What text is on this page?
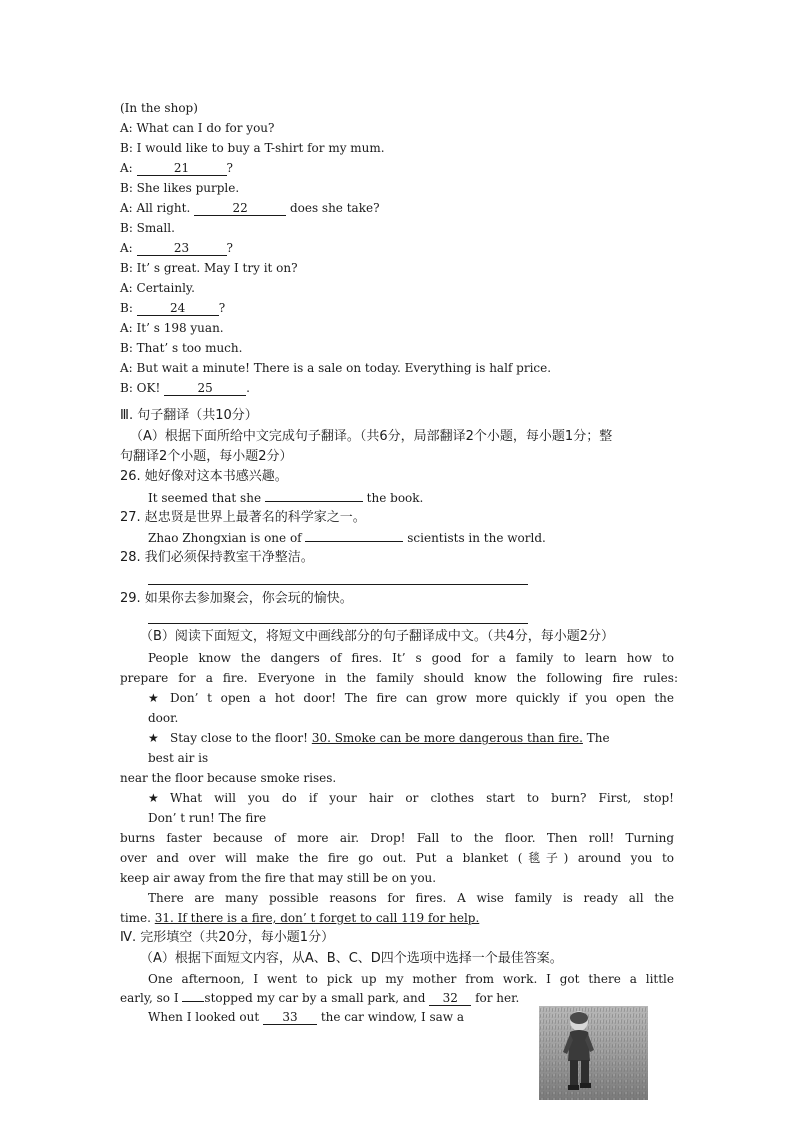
(In the shop)
A: What can I do for you?
B: I would like to buy a T-shirt for my mum.
A:	21	?
B: She likes purple.
A: All right.	22	does she take?
B: Small.
A:	23	?
B: It’ s great. May I try it on?
A: Certainly.
B:	24	?
A: It’ s 198 yuan.
B: That’ s too much.
A: But wait a minute! There is a sale on today. Everything is half price.
B: OK!	25	.
Ⅲ. 句子翻译（共10分）
（A）根据下面所给中文完成句子翻译。（共6分，局部翻译2个小题，每小题1分；整
句翻译2个小题，每小题2分）
26. 她好像对这本书感兴趣。
It seemed that she	the book.
27. 赵忠贤是世界上最著名的科学家之一。
Zhao Zhongxian is one of	scientists in the world.
28. 我们必须保持教室干净整洁。
29. 如果你去参加聚会，你会玩的愉快。
（B）阅读下面短文，将短文中画线部分的句子翻译成中文。（共4分，每小题2分）
People know the dangers of fires. It’ s good for a family to learn how to
prepare for a fire. Everyone in the family should know the following fire rules:
★ Don’ t open a hot door! The fire can grow more quickly if you open the
door.
★ Stay close to the floor! 30. Smoke can be more dangerous than fire. The
best air is
near the floor because smoke rises.
★ What will you do if your hair or clothes start to burn? First, stop!
Don’ t run! The fire
burns faster because of more air. Drop! Fall to the floor. Then roll! Turning
over and over will make the fire go out. Put a blanket (毯子) around you to
keep air away from the fire that may still be on you.
There are many possible reasons for fires. A wise family is ready all the
time. 31. If there is a fire, don’ t forget to call 119 for help.
Ⅳ. 完形填空（共20分，每小题1分）
（A）根据下面短文内容，从A、B、C、D四个选项中选择一个最佳答案。
One afternoon, I went to pick up my mother from work. I got there a little
early, so I stopped my car by a small park, and 32 for her.
When I looked out 33 the car window, I saw a
